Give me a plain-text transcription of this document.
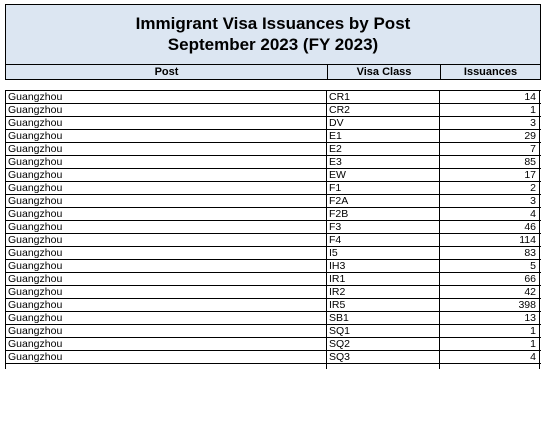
Immigrant Visa Issuances by Post
September 2023 (FY 2023)
Post	Visa Class	Issuances
Guangzhou	CR1	14
Guangzhou	CR2	1
Guangzhou	DV	3
Guangzhou	E1	29
Guangzhou	E2	7
Guangzhou	E3	85
Guangzhou	EW	17
Guangzhou	F1	2
Guangzhou	F2A	3
Guangzhou	F2B	4
Guangzhou	F3	46
Guangzhou	F4	114
Guangzhou	I5	83
Guangzhou	IH3	5
Guangzhou	IR1	66
Guangzhou	IR2	42
Guangzhou	IR5	398
Guangzhou	SB1	13
Guangzhou	SQ1	1
Guangzhou	SQ2	1
Guangzhou	SQ3	4
